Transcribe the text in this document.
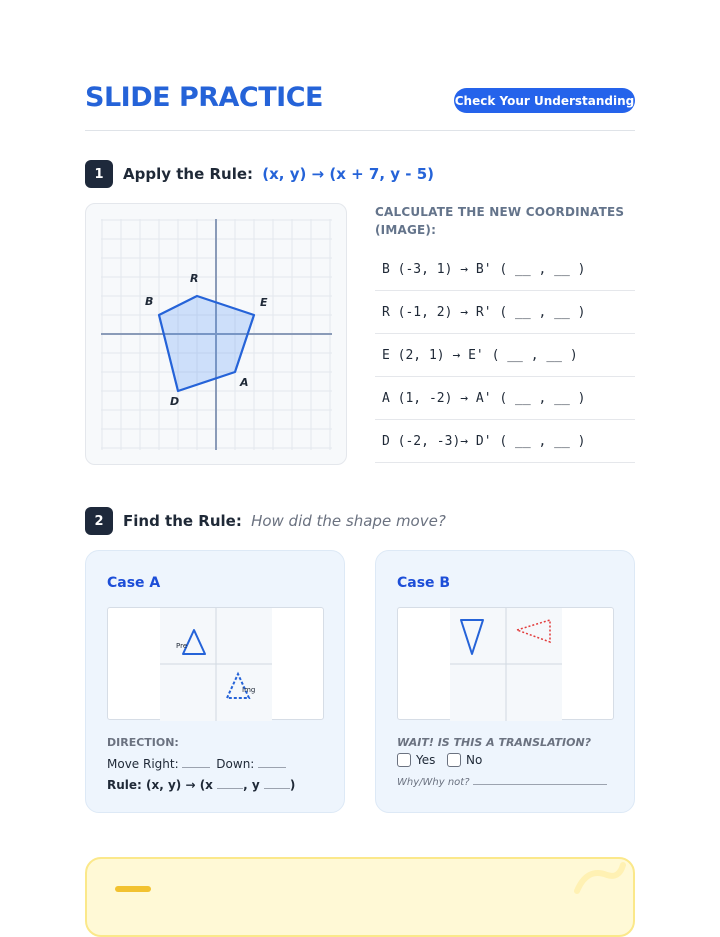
SLIDE PRACTICE	Check Your Understanding
1	Apply the Rule: (x, y) → (x + 7, y - 5)
B
R
E
A
D
CALCULATE THE NEW COORDINATES (IMAGE):
B (-3, 1) → B' ( __ , __ )
R (-1, 2) → R' ( __ , __ )
E (2, 1) → E' ( __ , __ )
A (1, -2) → A' ( __ , __ )
D (-2, -3)→ D' ( __ , __ )
2	Find the Rule: How did the shape move?
Case A
Pre
Img
DIRECTION:
Move Right:	Down:
Rule: (x, y) → (x , y )
Case B
WAIT! IS THIS A TRANSLATION?
Yes	No
Why/Why not?
